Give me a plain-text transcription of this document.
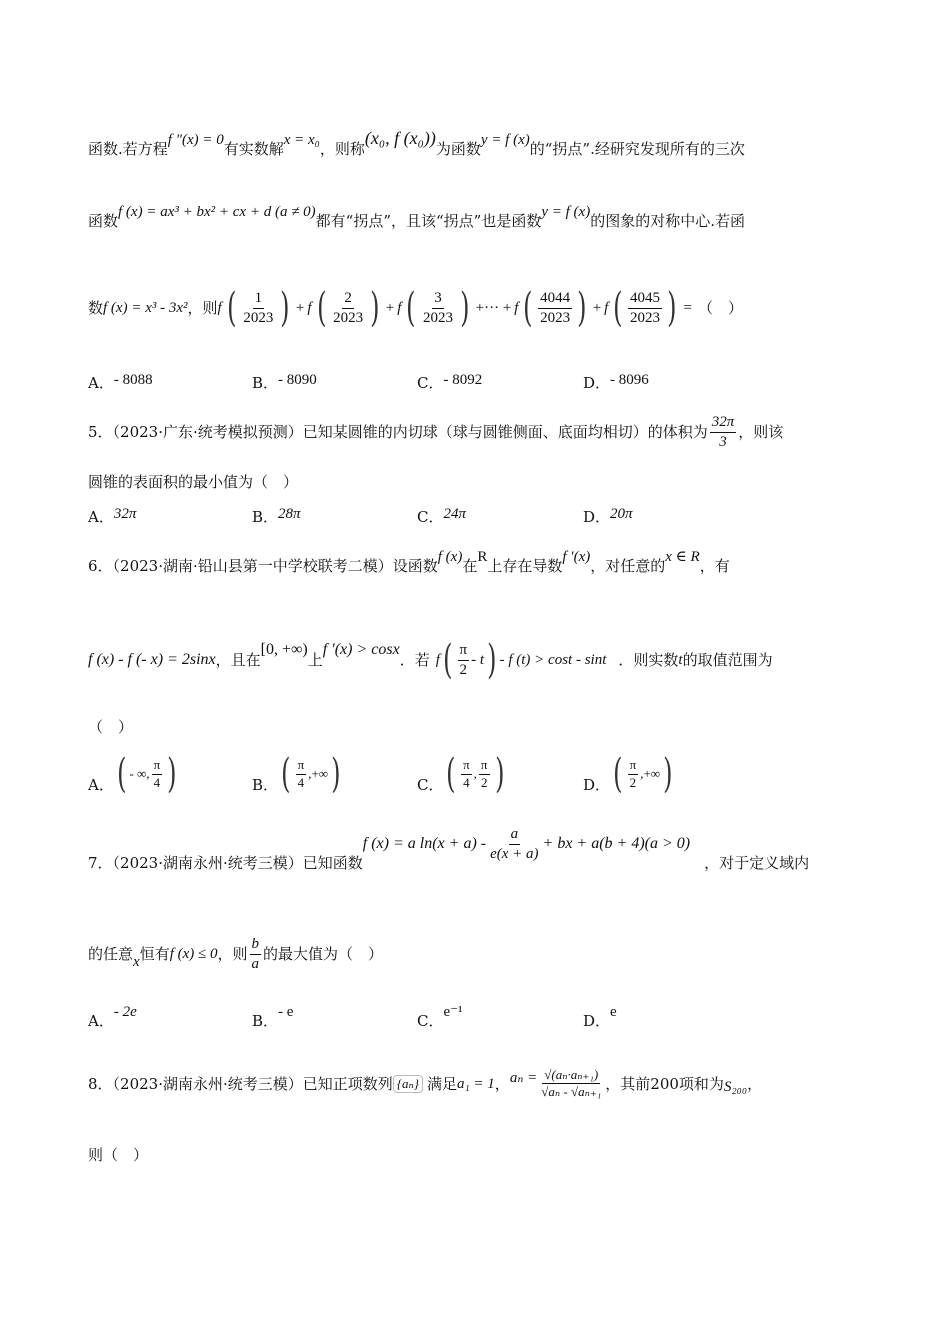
函数.若方程f ″(x) = 0有实数解x = x₀，则称(x₀, f (x₀))为函数y = f (x)的“拐点”.经研究发现所有的三次
函数f (x) = ax³ + bx² + cx + d (a ≠ 0)都有“拐点”，且该“拐点”也是函数y = f (x)的图象的对称中心.若函
数 f (x) = x³ - 3x² ，则 f ( $\frac{1}{2023}$ ) + f ( $\frac{2}{2023}$ ) + f ( $\frac{3}{2023}$ ) +··· + f ( $\frac{4044}{2023}$ ) + f ( $\frac{4045}{2023}$ ) = （　）
A．- 8088	B．- 8090	C．- 8092	D．- 8096
5．（2023·广东·统考模拟预测）已知某圆锥的内切球（球与圆锥侧面、底面均相切）的体积为 $\frac{32\pi}{3}$ ，则该
圆锥的表面积的最小值为（　）
A．32π	B．28π	C．24π	D．20π
6．（2023·湖南·铅山县第一中学校联考二模）设函数f (x)在R上存在导数f ′(x)，对任意的x ∈ R，有
f (x) - f (- x) = 2sinx ，且在
[0, +∞)
上
f ′(x) > cosx
．若 f ( $\frac{\pi}{2}$ - t ) - f (t) > cost - sint ．则实数 t 的取值范围为
（　）
A． ( - ∞, $\frac{\pi}{4}$ )	B． ( $\frac{\pi}{4}$ ,+∞ )	C． ( $\frac{\pi}{4}$ , $\frac{\pi}{2}$ )	D． ( $\frac{\pi}{2}$ ,+∞ )
7．（2023·湖南永州·统考三模）已知函数
f (x) = a $\ln(x + a) - \frac{a}{e(x + a)}$ + bx + a(b + 4)(a > 0)
，对于定义域内
的任意 x 恒有 f (x) ≤ 0 ，则 $\frac{b}{a}$ 的最大值为（　）
A．- 2e	B．- e	C．e⁻¹	D．e
8．（2023·湖南永州·统考三模）已知正项数列 {aₙ} 满足 a₁ = 1 ， $a_n = \frac{\text{√(aₙ·aₙ₊₁)}}{\text{√aₙ - √aₙ₊₁}}$ ，其前200项和为 S₂₀₀ ，
则（　）
